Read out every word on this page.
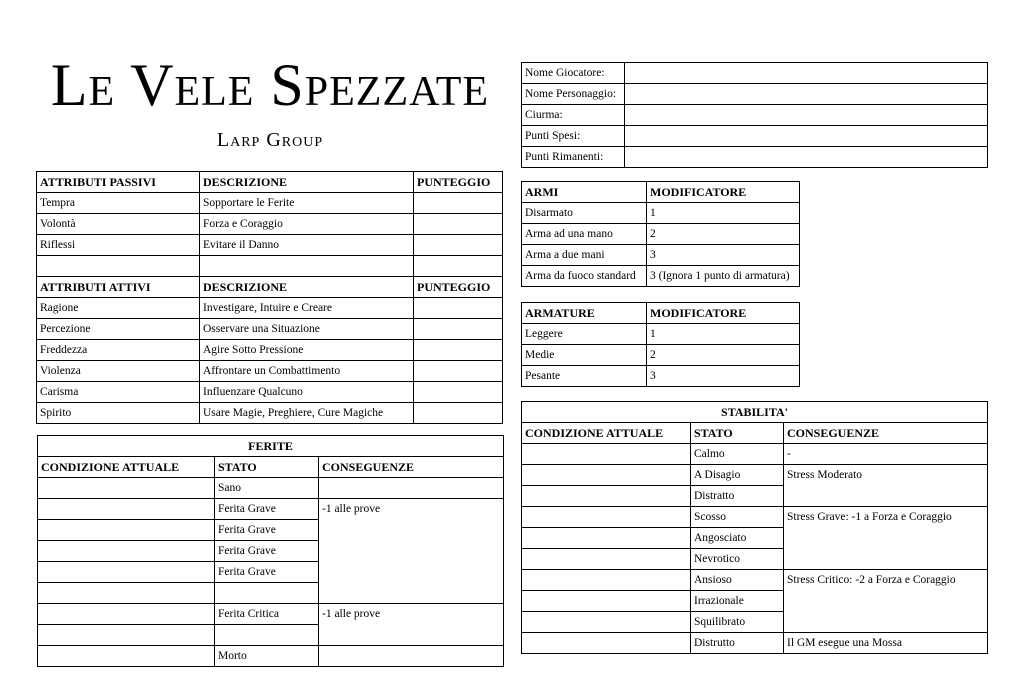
Le Vele Spezzate
Larp Group
Nome Giocatore:	
Nome Personaggio:	
Ciurma:	
Punti Spesi:	
Punti Rimanenti:	
ATTRIBUTI PASSIVI	DESCRIZIONE	PUNTEGGIO
Tempra	Sopportare le Ferite	
Volontà	Forza e Coraggio	
Riflessi	Evitare il Danno	

ATTRIBUTI ATTIVI	DESCRIZIONE	PUNTEGGIO
Ragione	Investigare, Intuire e Creare	
Percezione	Osservare una Situazione	
Freddezza	Agire Sotto Pressione	
Violenza	Affrontare un Combattimento	
Carisma	Influenzare Qualcuno	
Spirito	Usare Magie, Preghiere, Cure Magiche	
FERITE		
CONDIZIONE ATTUALE	STATO	CONSEGUENZE
	Sano	
	Ferita Grave	-1 alle prove
	Ferita Grave	
	Ferita Grave	
	Ferita Grave	

	Ferita Critica	-1 alle prove

	Morto	
ARMI	MODIFICATORE
Disarmato	1
Arma ad una mano	2
Arma a due mani	3
Arma da fuoco standard	3 (Ignora 1 punto di armatura)
ARMATURE	MODIFICATORE
Leggere	1
Medie	2
Pesante	3
STABILITA'		
CONDIZIONE ATTUALE	STATO	CONSEGUENZE
	Calmo	-
	A Disagio	Stress Moderato
	Distratto	
	Scosso	Stress Grave: -1 a Forza e Coraggio
	Angosciato	
	Nevrotico	
	Ansioso	Stress Critico: -2 a Forza e Coraggio
	Irrazionale	
	Squilibrato	
	Distrutto	Il GM esegue una Mossa
